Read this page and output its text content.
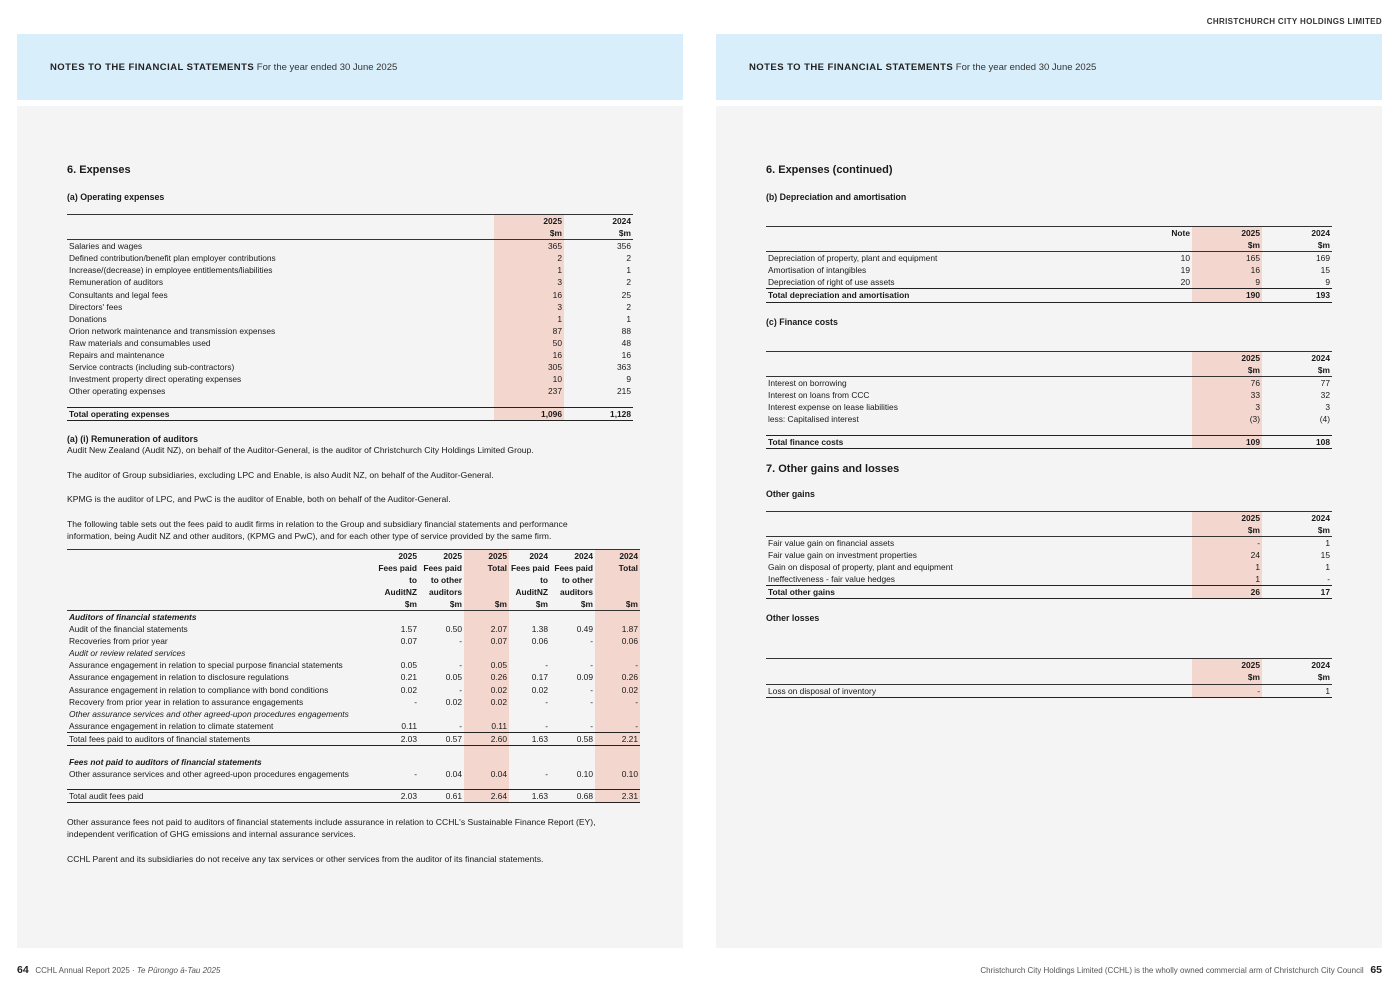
CHRISTCHURCH CITY HOLDINGS LIMITED
NOTES TO THE FINANCIAL STATEMENTS For the year ended 30 June 2025
6. Expenses
(a) Operating expenses
	2025	2024
	$m	$m
Salaries and wages	365	356
Defined contribution/benefit plan employer contributions	2	2
Increase/(decrease) in employee entitlements/liabilities	1	1
Remuneration of auditors	3	2
Consultants and legal fees	16	25
Directors' fees	3	2
Donations	1	1
Orion network maintenance and transmission expenses	87	88
Raw materials and consumables used	50	48
Repairs and maintenance	16	16
Service contracts (including sub-contractors)	305	363
Investment property direct operating expenses	10	9
Other operating expenses	237	215

Total operating expenses	1,096	1,128
(a) (i) Remuneration of auditors
Audit New Zealand (Audit NZ), on behalf of the Auditor-General, is the auditor of Christchurch City Holdings Limited Group.
The auditor of Group subsidiaries, excluding LPC and Enable, is also Audit NZ, on behalf of the Auditor-General.
KPMG is the auditor of LPC, and PwC is the auditor of Enable, both on behalf of the Auditor-General.
The following table sets out the fees paid to audit firms in relation to the Group and subsidiary financial statements and performance
information, being Audit NZ and other auditors, (KPMG and PwC), and for each other type of service provided by the same firm.
	2025	2025	2025	2024	2024	2024
	Fees paid	Fees paid	Total	Fees paid	Fees paid	Total
	to	to other		to	to other	
	AuditNZ	auditors		AuditNZ	auditors	
	$m	$m	$m	$m	$m	$m
Auditors of financial statements						
Audit of the financial statements	1.57	0.50	2.07	1.38	0.49	1.87
Recoveries from prior year	0.07	-	0.07	0.06	-	0.06
Audit or review related services						
Assurance engagement in relation to special purpose financial statements	0.05	-	0.05	-	-	-
Assurance engagement in relation to disclosure regulations	0.21	0.05	0.26	0.17	0.09	0.26
Assurance engagement in relation to compliance with bond conditions	0.02	-	0.02	0.02	-	0.02
Recovery from prior year in relation to assurance engagements	-	0.02	0.02	-	-	-
Other assurance services and other agreed-upon procedures engagements						
Assurance engagement in relation to climate statement	0.11	-	0.11	-	-	-
Total fees paid to auditors of financial statements	2.03	0.57	2.60	1.63	0.58	2.21

Fees not paid to auditors of financial statements						
Other assurance services and other agreed-upon procedures engagements	-	0.04	0.04	-	0.10	0.10

Total audit fees paid	2.03	0.61	2.64	1.63	0.68	2.31
Other assurance fees not paid to auditors of financial statements include assurance in relation to CCHL's Sustainable Finance Report (EY),
independent verification of GHG emissions and internal assurance services.
CCHL Parent and its subsidiaries do not receive any tax services or other services from the auditor of its financial statements.
64 CCHL Annual Report 2025 · Te Pūrongo ā-Tau 2025
NOTES TO THE FINANCIAL STATEMENTS For the year ended 30 June 2025
6. Expenses (continued)
(b) Depreciation and amortisation
	Note	2025	2024
		$m	$m
Depreciation of property, plant and equipment	10	165	169
Amortisation of intangibles	19	16	15
Depreciation of right of use assets	20	9	9
Total depreciation and amortisation		190	193
(c) Finance costs
	2025	2024
	$m	$m
Interest on borrowing	76	77
Interest on loans from CCC	33	32
Interest expense on lease liabilities	3	3
less: Capitalised interest	(3)	(4)

Total finance costs	109	108
7. Other gains and losses
Other gains
	2025	2024
	$m	$m
Fair value gain on financial assets	-	1
Fair value gain on investment properties	24	15
Gain on disposal of property, plant and equipment	1	1
Ineffectiveness - fair value hedges	1	-
Total other gains	26	17
Other losses
	2025	2024
	$m	$m
Loss on disposal of inventory	-	1
Christchurch City Holdings Limited (CCHL) is the wholly owned commercial arm of Christchurch City Council 65
